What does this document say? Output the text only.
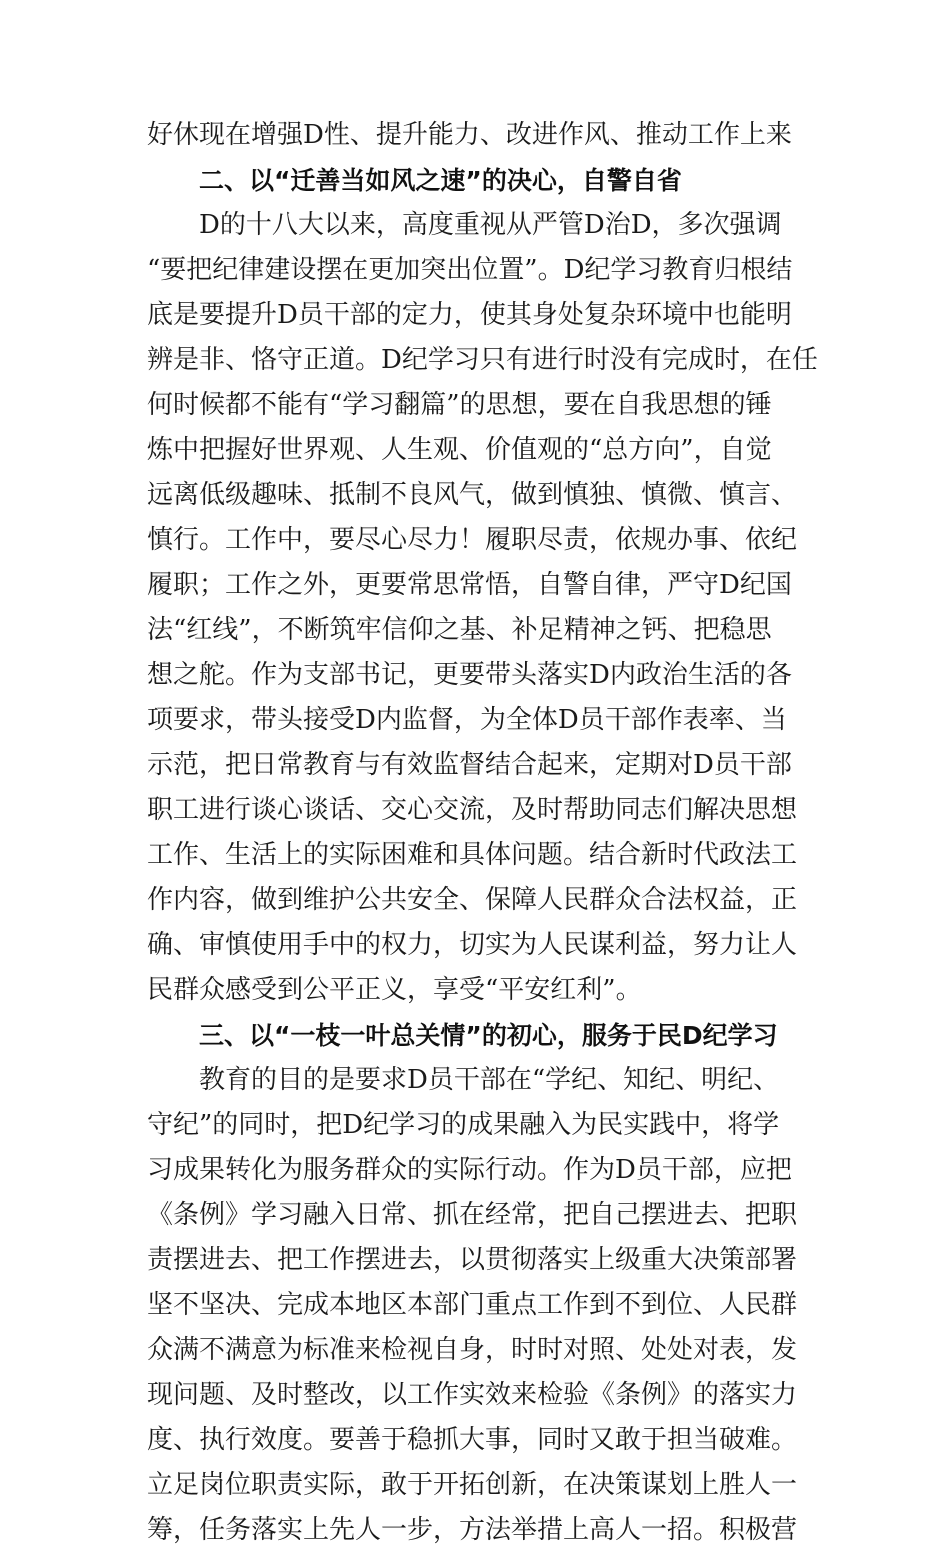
好休现在增强D性、提升能力、改进作风、推动工作上来
二、以“迁善当如风之速”的决心，自警自省
D的十八大以来，高度重视从严管D治D，多次强调
“要把纪律建设摆在更加突出位置”。D纪学习教育归根结
底是要提升D员干部的定力，使其身处复杂环境中也能明
辨是非、恪守正道。D纪学习只有进行时没有完成时，在任
何时候都不能有“学习翻篇”的思想，要在自我思想的锤
炼中把握好世界观、人生观、价值观的“总方向”，自觉
远离低级趣味、抵制不良风气，做到慎独、慎微、慎言、
慎行。工作中，要尽心尽力！履职尽责，依规办事、依纪
履职；工作之外，更要常思常悟，自警自律，严守D纪国
法“红线”，不断筑牢信仰之基、补足精神之钙、把稳思
想之舵。作为支部书记，更要带头落实D内政治生活的各
项要求，带头接受D内监督，为全体D员干部作表率、当
示范，把日常教育与有效监督结合起来，定期对D员干部
职工进行谈心谈话、交心交流，及时帮助同志们解决思想
工作、生活上的实际困难和具体问题。结合新时代政法工
作内容，做到维护公共安全、保障人民群众合法权益，正
确、审慎使用手中的权力，切实为人民谋利益，努力让人
民群众感受到公平正义，享受“平安红利”。
三、以“一枝一叶总关情”的初心，服务于民D纪学习
教育的目的是要求D员干部在“学纪、知纪、明纪、
守纪”的同时，把D纪学习的成果融入为民实践中，将学
习成果转化为服务群众的实际行动。作为D员干部，应把
《条例》学习融入日常、抓在经常，把自己摆进去、把职
责摆进去、把工作摆进去，以贯彻落实上级重大决策部署
坚不坚决、完成本地区本部门重点工作到不到位、人民群
众满不满意为标准来检视自身，时时对照、处处对表，发
现问题、及时整改，以工作实效来检验《条例》的落实力
度、执行效度。要善于稳抓大事，同时又敢于担当破难。
立足岗位职责实际，敢于开拓创新，在决策谋划上胜人一
筹，任务落实上先人一步，方法举措上高人一招。积极营
